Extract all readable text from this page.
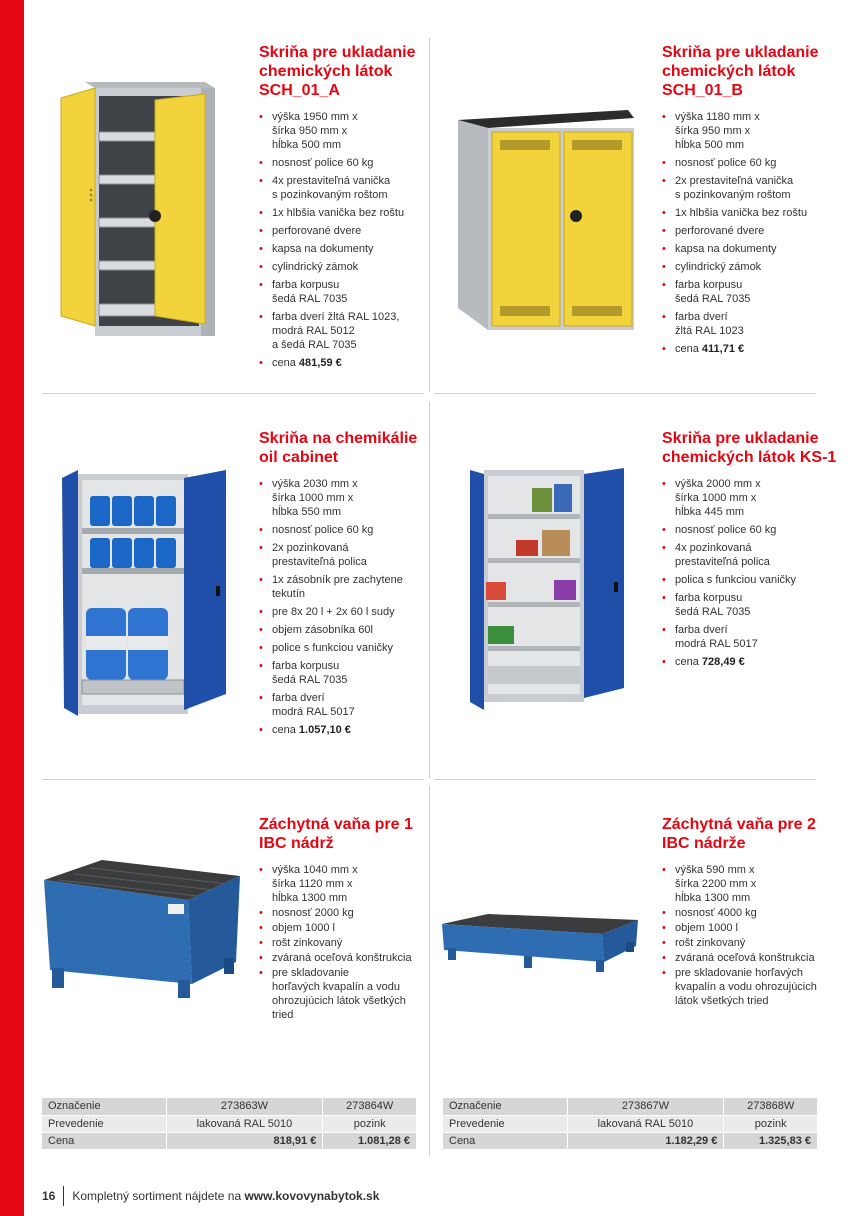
Skriňa pre ukladanie chemických látok SCH_01_A
• výška 1950 mm x
šírka 950 mm x
hĺbka 500 mm
• nosnosť police 60 kg
• 4x prestaviteľná vanička
s pozinkovaným roštom
• 1x hlbšia vanička bez roštu
• perforované dvere
• kapsa na dokumenty
• cylindrický zámok
• farba korpusu
šedá RAL 7035
• farba dverí žltá RAL 1023,
modrá RAL 5012
a šedá RAL 7035
• cena 481,59 €
Skriňa pre ukladanie chemických látok SCH_01_B
• výška 1180 mm x
šírka 950 mm x
hĺbka 500 mm
• nosnosť police 60 kg
• 2x prestaviteľná vanička
s pozinkovaným roštom
• 1x hlbšia vanička bez roštu
• perforované dvere
• kapsa na dokumenty
• cylindrický zámok
• farba korpusu
šedá RAL 7035
• farba dverí
žltá RAL 1023
• cena 411,71 €
Skriňa na chemikálie oil cabinet
• výška 2030 mm x
šírka 1000 mm x
hĺbka 550 mm
• nosnosť police 60 kg
• 2x pozinkovaná
prestaviteľná polica
• 1x zásobník pre zachytene
tekutín
• pre 8x 20 l + 2x 60 l sudy
• objem zásobníka 60l
• police s funkciou vaničky
• farba korpusu
šedá RAL 7035
• farba dverí
modrá RAL 5017
• cena 1.057,10 €
Skriňa pre ukladanie chemických látok KS-1
• výška 2000 mm x
šírka 1000 mm x
hĺbka 445 mm
• nosnosť police 60 kg
• 4x pozinkovaná
prestaviteľná polica
• polica s funkciou vaničky
• farba korpusu
šedá RAL 7035
• farba dverí
modrá RAL 5017
• cena 728,49 €
Záchytná vaňa pre 1 IBC nádrž
• výška 1040 mm x
šírka 1120 mm x
hĺbka 1300 mm
• nosnosť 2000 kg
• objem 1000 l
• rošt zinkovaný
• zváraná oceľová konštrukcia
• pre skladovanie
horľavých kvapalín a vodu
ohrozujúcich látok všetkých
tried
Záchytná vaňa pre 2 IBC nádrže
• výška 590 mm x
šírka 2200 mm x
hĺbka 1300 mm
• nosnosť 4000 kg
• objem 1000 l
• rošt zinkovaný
• zváraná oceľová konštrukcia
• pre skladovanie horľavých
kvapalín a vodu ohrozujúcich
látok všetkých tried
Označenie	273863W	273864W
Prevedenie	lakovaná RAL 5010	pozink
Cena	818,91 €	1.081,28 €
Označenie	273867W	273868W
Prevedenie	lakovaná RAL 5010	pozink
Cena	1.182,29 €	1.325,83 €
16 Kompletný sortiment nájdete na
www.kovovynabytok.sk
